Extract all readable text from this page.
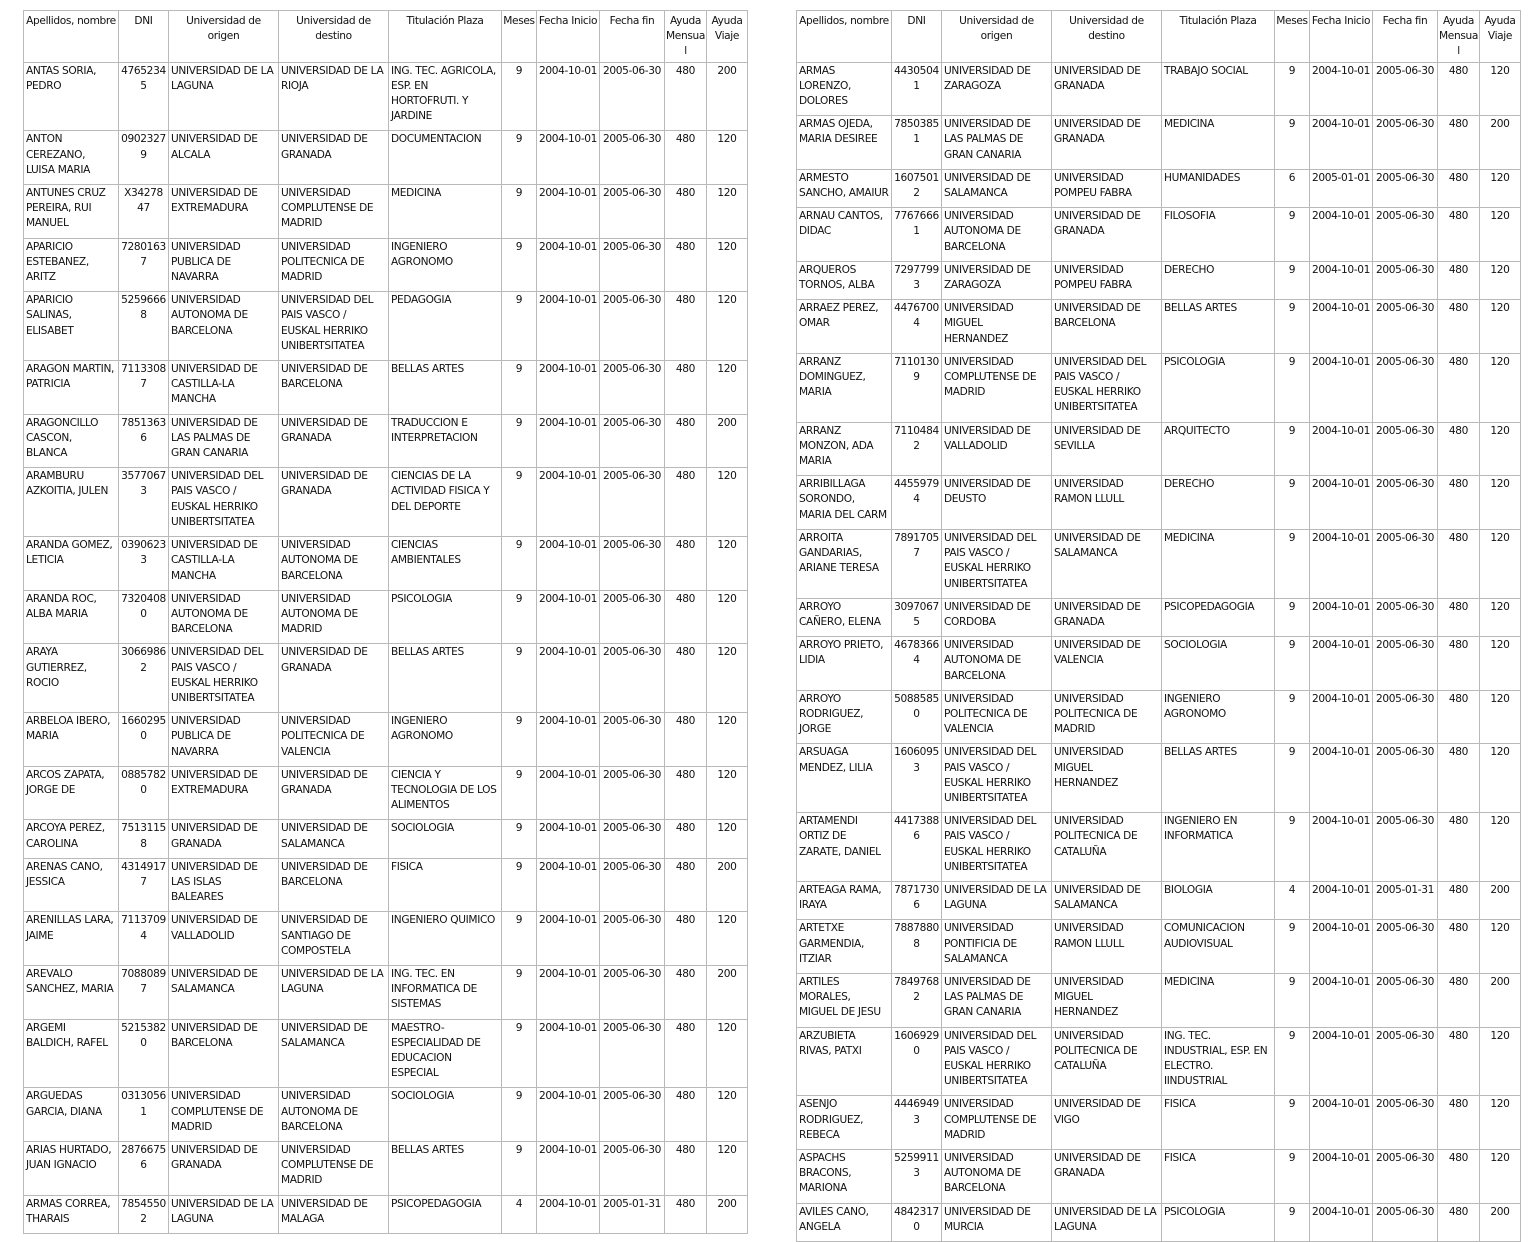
Apellidos, nombre	DNI	Universidad de origen	Universidad de destino	Titulación Plaza	Meses	Fecha Inicio	Fecha fin	Ayuda Mensual	Ayuda Viaje
ANTAS SORIA, PEDRO	47652345	UNIVERSIDAD DE LA LAGUNA	UNIVERSIDAD DE LA RIOJA	ING. TEC. AGRICOLA, ESP. EN HORTOFRUTI. Y JARDINE	9	2004-10-01	2005-06-30	480	200
ANTON CEREZANO, LUISA MARIA	09023279	UNIVERSIDAD DE ALCALA	UNIVERSIDAD DE GRANADA	DOCUMENTACION	9	2004-10-01	2005-06-30	480	120
ANTUNES CRUZ PEREIRA, RUI MANUEL	X3427847	UNIVERSIDAD DE EXTREMADURA	UNIVERSIDAD COMPLUTENSE DE MADRID	MEDICINA	9	2004-10-01	2005-06-30	480	120
APARICIO ESTEBANEZ, ARITZ	72801637	UNIVERSIDAD PUBLICA DE NAVARRA	UNIVERSIDAD POLITECNICA DE MADRID	INGENIERO AGRONOMO	9	2004-10-01	2005-06-30	480	120
APARICIO SALINAS, ELISABET	52596668	UNIVERSIDAD AUTONOMA DE BARCELONA	UNIVERSIDAD DEL PAIS VASCO / EUSKAL HERRIKO UNIBERTSITATEA	PEDAGOGIA	9	2004-10-01	2005-06-30	480	120
ARAGON MARTIN, PATRICIA	71133087	UNIVERSIDAD DE CASTILLA-LA MANCHA	UNIVERSIDAD DE BARCELONA	BELLAS ARTES	9	2004-10-01	2005-06-30	480	120
ARAGONCILLO CASCON, BLANCA	78513636	UNIVERSIDAD DE LAS PALMAS DE GRAN CANARIA	UNIVERSIDAD DE GRANADA	TRADUCCION E INTERPRETACION	9	2004-10-01	2005-06-30	480	200
ARAMBURU AZKOITIA, JULEN	35770673	UNIVERSIDAD DEL PAIS VASCO / EUSKAL HERRIKO UNIBERTSITATEA	UNIVERSIDAD DE GRANADA	CIENCIAS DE LA ACTIVIDAD FISICA Y DEL DEPORTE	9	2004-10-01	2005-06-30	480	120
ARANDA GOMEZ, LETICIA	03906233	UNIVERSIDAD DE CASTILLA-LA MANCHA	UNIVERSIDAD AUTONOMA DE BARCELONA	CIENCIAS AMBIENTALES	9	2004-10-01	2005-06-30	480	120
ARANDA ROC, ALBA MARIA	73204080	UNIVERSIDAD AUTONOMA DE BARCELONA	UNIVERSIDAD AUTONOMA DE MADRID	PSICOLOGIA	9	2004-10-01	2005-06-30	480	120
ARAYA GUTIERREZ, ROCIO	30669862	UNIVERSIDAD DEL PAIS VASCO / EUSKAL HERRIKO UNIBERTSITATEA	UNIVERSIDAD DE GRANADA	BELLAS ARTES	9	2004-10-01	2005-06-30	480	120
ARBELOA IBERO, MARIA	16602950	UNIVERSIDAD PUBLICA DE NAVARRA	UNIVERSIDAD POLITECNICA DE VALENCIA	INGENIERO AGRONOMO	9	2004-10-01	2005-06-30	480	120
ARCOS ZAPATA, JORGE DE	08857820	UNIVERSIDAD DE EXTREMADURA	UNIVERSIDAD DE GRANADA	CIENCIA Y TECNOLOGIA DE LOS ALIMENTOS	9	2004-10-01	2005-06-30	480	120
ARCOYA PEREZ, CAROLINA	75131158	UNIVERSIDAD DE GRANADA	UNIVERSIDAD DE SALAMANCA	SOCIOLOGIA	9	2004-10-01	2005-06-30	480	120
ARENAS CANO, JESSICA	43149177	UNIVERSIDAD DE LAS ISLAS BALEARES	UNIVERSIDAD DE BARCELONA	FISICA	9	2004-10-01	2005-06-30	480	200
ARENILLAS LARA, JAIME	71137094	UNIVERSIDAD DE VALLADOLID	UNIVERSIDAD DE SANTIAGO DE COMPOSTELA	INGENIERO QUIMICO	9	2004-10-01	2005-06-30	480	120
AREVALO SANCHEZ, MARIA	70880897	UNIVERSIDAD DE SALAMANCA	UNIVERSIDAD DE LA LAGUNA	ING. TEC. EN INFORMATICA DE SISTEMAS	9	2004-10-01	2005-06-30	480	200
ARGEMI BALDICH, RAFEL	52153820	UNIVERSIDAD DE BARCELONA	UNIVERSIDAD DE SALAMANCA	MAESTRO-ESPECIALIDAD DE EDUCACION ESPECIAL	9	2004-10-01	2005-06-30	480	120
ARGUEDAS GARCIA, DIANA	03130561	UNIVERSIDAD COMPLUTENSE DE MADRID	UNIVERSIDAD AUTONOMA DE BARCELONA	SOCIOLOGIA	9	2004-10-01	2005-06-30	480	120
ARIAS HURTADO, JUAN IGNACIO	28766756	UNIVERSIDAD DE GRANADA	UNIVERSIDAD COMPLUTENSE DE MADRID	BELLAS ARTES	9	2004-10-01	2005-06-30	480	120
ARMAS CORREA, THARAIS	78545502	UNIVERSIDAD DE LA LAGUNA	UNIVERSIDAD DE MALAGA	PSICOPEDAGOGIA	4	2004-10-01	2005-01-31	480	200
Apellidos, nombre	DNI	Universidad de origen	Universidad de destino	Titulación Plaza	Meses	Fecha Inicio	Fecha fin	Ayuda Mensual	Ayuda Viaje
ARMAS LORENZO, DOLORES	44305041	UNIVERSIDAD DE ZARAGOZA	UNIVERSIDAD DE GRANADA	TRABAJO SOCIAL	9	2004-10-01	2005-06-30	480	120
ARMAS OJEDA, MARIA DESIREE	78503851	UNIVERSIDAD DE LAS PALMAS DE GRAN CANARIA	UNIVERSIDAD DE GRANADA	MEDICINA	9	2004-10-01	2005-06-30	480	200
ARMESTO SANCHO, AMAIUR	16075012	UNIVERSIDAD DE SALAMANCA	UNIVERSIDAD POMPEU FABRA	HUMANIDADES	6	2005-01-01	2005-06-30	480	120
ARNAU CANTOS, DIDAC	77676661	UNIVERSIDAD AUTONOMA DE BARCELONA	UNIVERSIDAD DE GRANADA	FILOSOFIA	9	2004-10-01	2005-06-30	480	120
ARQUEROS TORNOS, ALBA	72977993	UNIVERSIDAD DE ZARAGOZA	UNIVERSIDAD POMPEU FABRA	DERECHO	9	2004-10-01	2005-06-30	480	120
ARRAEZ PEREZ, OMAR	44767004	UNIVERSIDAD MIGUEL HERNANDEZ	UNIVERSIDAD DE BARCELONA	BELLAS ARTES	9	2004-10-01	2005-06-30	480	120
ARRANZ DOMINGUEZ, MARIA	71101309	UNIVERSIDAD COMPLUTENSE DE MADRID	UNIVERSIDAD DEL PAIS VASCO / EUSKAL HERRIKO UNIBERTSITATEA	PSICOLOGIA	9	2004-10-01	2005-06-30	480	120
ARRANZ MONZON, ADA MARIA	71104842	UNIVERSIDAD DE VALLADOLID	UNIVERSIDAD DE SEVILLA	ARQUITECTO	9	2004-10-01	2005-06-30	480	120
ARRIBILLAGA SORONDO, MARIA DEL CARM	44559794	UNIVERSIDAD DE DEUSTO	UNIVERSIDAD RAMON LLULL	DERECHO	9	2004-10-01	2005-06-30	480	120
ARROITA GANDARIAS, ARIANE TERESA	78917057	UNIVERSIDAD DEL PAIS VASCO / EUSKAL HERRIKO UNIBERTSITATEA	UNIVERSIDAD DE SALAMANCA	MEDICINA	9	2004-10-01	2005-06-30	480	120
ARROYO CAÑERO, ELENA	30970675	UNIVERSIDAD DE CORDOBA	UNIVERSIDAD DE GRANADA	PSICOPEDAGOGIA	9	2004-10-01	2005-06-30	480	120
ARROYO PRIETO, LIDIA	46783664	UNIVERSIDAD AUTONOMA DE BARCELONA	UNIVERSIDAD DE VALENCIA	SOCIOLOGIA	9	2004-10-01	2005-06-30	480	120
ARROYO RODRIGUEZ, JORGE	50885850	UNIVERSIDAD POLITECNICA DE VALENCIA	UNIVERSIDAD POLITECNICA DE MADRID	INGENIERO AGRONOMO	9	2004-10-01	2005-06-30	480	120
ARSUAGA MENDEZ, LILIA	16060953	UNIVERSIDAD DEL PAIS VASCO / EUSKAL HERRIKO UNIBERTSITATEA	UNIVERSIDAD MIGUEL HERNANDEZ	BELLAS ARTES	9	2004-10-01	2005-06-30	480	120
ARTAMENDI ORTIZ DE ZARATE, DANIEL	44173886	UNIVERSIDAD DEL PAIS VASCO / EUSKAL HERRIKO UNIBERTSITATEA	UNIVERSIDAD POLITECNICA DE CATALUÑA	INGENIERO EN INFORMATICA	9	2004-10-01	2005-06-30	480	120
ARTEAGA RAMA, IRAYA	78717306	UNIVERSIDAD DE LA LAGUNA	UNIVERSIDAD DE SALAMANCA	BIOLOGIA	4	2004-10-01	2005-01-31	480	200
ARTETXE GARMENDIA, ITZIAR	78878808	UNIVERSIDAD PONTIFICIA DE SALAMANCA	UNIVERSIDAD RAMON LLULL	COMUNICACION AUDIOVISUAL	9	2004-10-01	2005-06-30	480	120
ARTILES MORALES, MIGUEL DE JESU	78497682	UNIVERSIDAD DE LAS PALMAS DE GRAN CANARIA	UNIVERSIDAD MIGUEL HERNANDEZ	MEDICINA	9	2004-10-01	2005-06-30	480	200
ARZUBIETA RIVAS, PATXI	16069290	UNIVERSIDAD DEL PAIS VASCO / EUSKAL HERRIKO UNIBERTSITATEA	UNIVERSIDAD POLITECNICA DE CATALUÑA	ING. TEC. INDUSTRIAL, ESP. EN ELECTRO. IINDUSTRIAL	9	2004-10-01	2005-06-30	480	120
ASENJO RODRIGUEZ, REBECA	44469493	UNIVERSIDAD COMPLUTENSE DE MADRID	UNIVERSIDAD DE VIGO	FISICA	9	2004-10-01	2005-06-30	480	120
ASPACHS BRACONS, MARIONA	52599113	UNIVERSIDAD AUTONOMA DE BARCELONA	UNIVERSIDAD DE GRANADA	FISICA	9	2004-10-01	2005-06-30	480	120
AVILES CANO, ANGELA	48423170	UNIVERSIDAD DE MURCIA	UNIVERSIDAD DE LA LAGUNA	PSICOLOGIA	9	2004-10-01	2005-06-30	480	200
